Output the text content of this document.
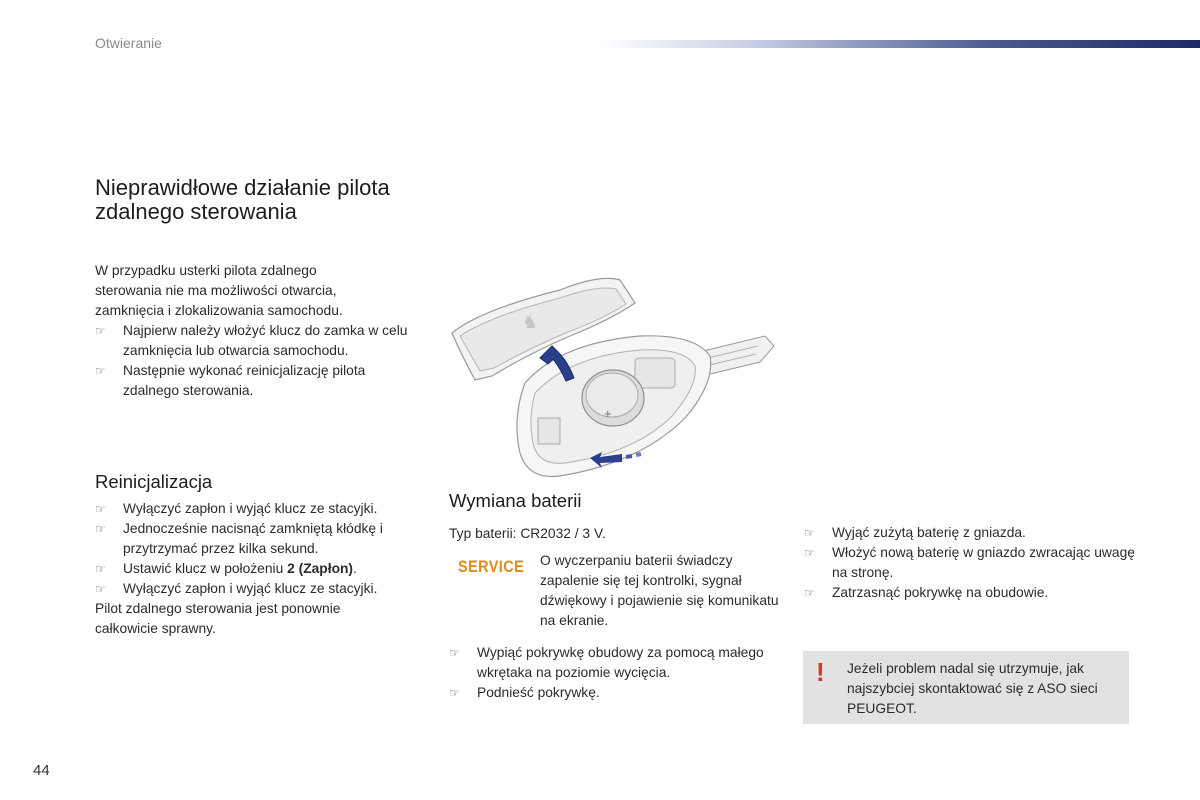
Otwieranie
Nieprawidłowe działanie pilota zdalnego sterowania
W przypadku usterki pilota zdalnego sterowania nie ma możliwości otwarcia, zamknięcia i zlokalizowania samochodu.
☞ Najpierw należy włożyć klucz do zamka w celu zamknięcia lub otwarcia samochodu.
☞ Następnie wykonać reinicjalizację pilota zdalnego sterowania.
Reinicjalizacja
☞ Wyłączyć zapłon i wyjąć klucz ze stacyjki.
☞ Jednocześnie nacisnąć zamkniętą kłódkę i przytrzymać przez kilka sekund.
☞ Ustawić klucz w położeniu 2 (Zapłon).
☞ Wyłączyć zapłon i wyjąć klucz ze stacyjki.
Pilot zdalnego sterowania jest ponownie całkowicie sprawny.
+
♞
Wymiana baterii
Typ baterii: CR2032 / 3 V.
SERVICE O wyczerpaniu baterii świadczy zapalenie się tej kontrolki, sygnał dźwiękowy i pojawienie się komunikatu na ekranie.
☞ Wypiąć pokrywkę obudowy za pomocą małego wkrętaka na poziomie wycięcia.
☞ Podnieść pokrywkę.
☞ Wyjąć zużytą baterię z gniazda.
☞ Włożyć nową baterię w gniazdo zwracając uwagę na stronę.
☞ Zatrzasnąć pokrywkę na obudowie.
! Jeżeli problem nadal się utrzymuje, jak najszybciej skontaktować się z ASO sieci PEUGEOT.
44
